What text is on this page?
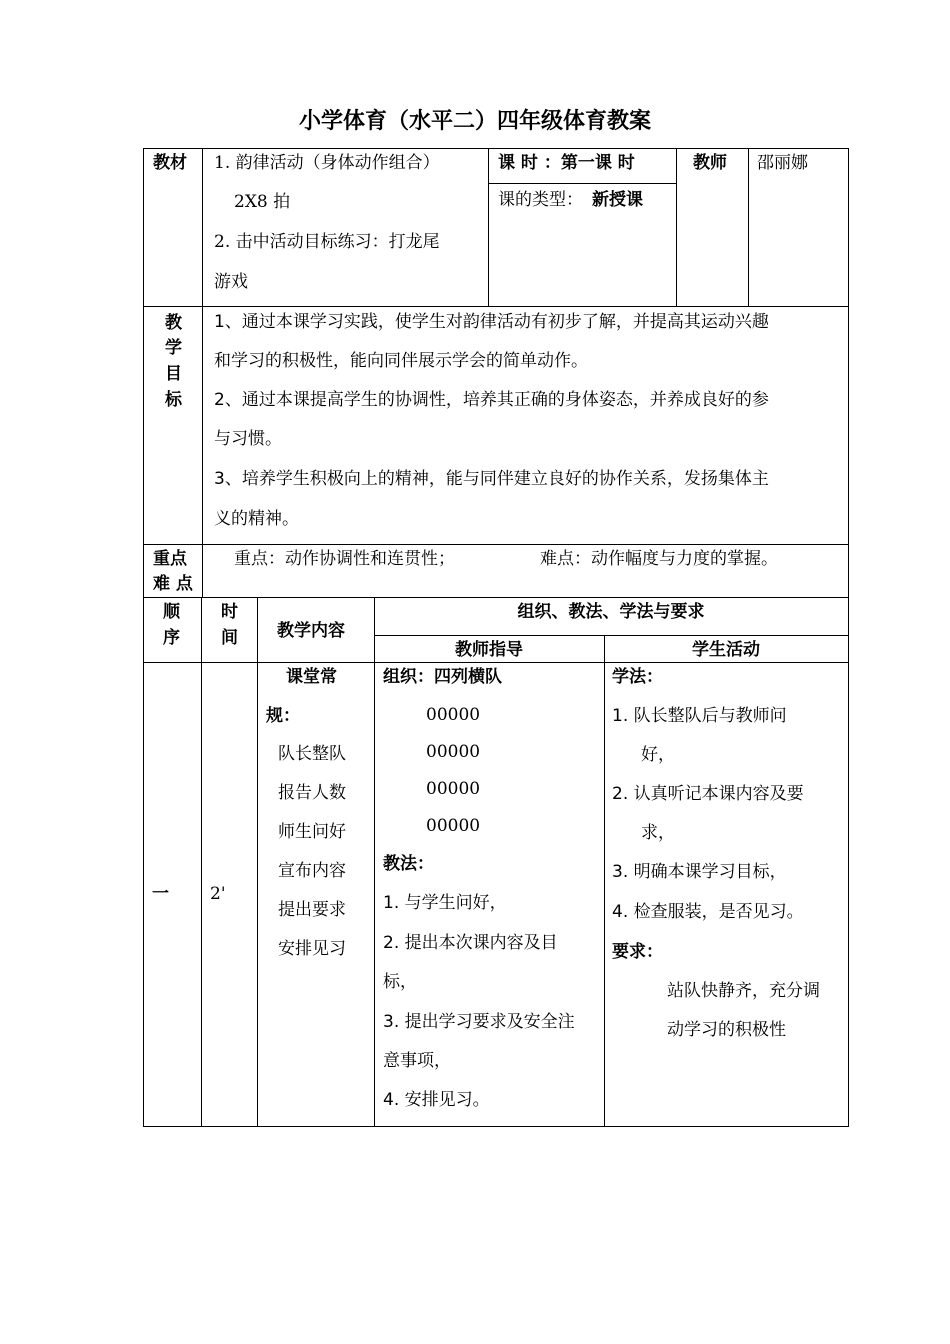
小学体育（水平二）四年级体育教案
教材 1. 韵律活动（身体动作组合）
2X8 拍
2. 击中活动目标练习：打龙尾
游戏
课 时 ：第一课 时
课的类型： 新授课
教师 邵丽娜
教
学
目
标
1、通过本课学习实践，使学生对韵律活动有初步了解，并提高其运动兴趣
和学习的积极性，能向同伴展示学会的简单动作。
2、通过本课提高学生的协调性，培养其正确的身体姿态，并养成良好的参
与习惯。
3、培养学生积极向上的精神，能与同伴建立良好的协作关系，发扬集体主
义的精神。
重点
难 点
重点：动作协调性和连贯性；	难点：动作幅度与力度的掌握。
顺
序
时
间 教学内容
组织、教法、学法与要求
教师指导	学生活动
一 2'
课堂常
规：
队长整队
报告人数
师生问好
宣布内容
提出要求
安排见习
组织：四列横队
00000
00000
00000
00000
教法：
1. 与学生问好，
2. 提出本次课内容及目
标，
3. 提出学习要求及安全注
意事项，
4. 安排见习。
学法：
1. 队长整队后与教师问
好，
2. 认真听记本课内容及要
求，
3. 明确本课学习目标，
4. 检查服装，是否见习。
要求：
站队快静齐，充分调
动学习的积极性
